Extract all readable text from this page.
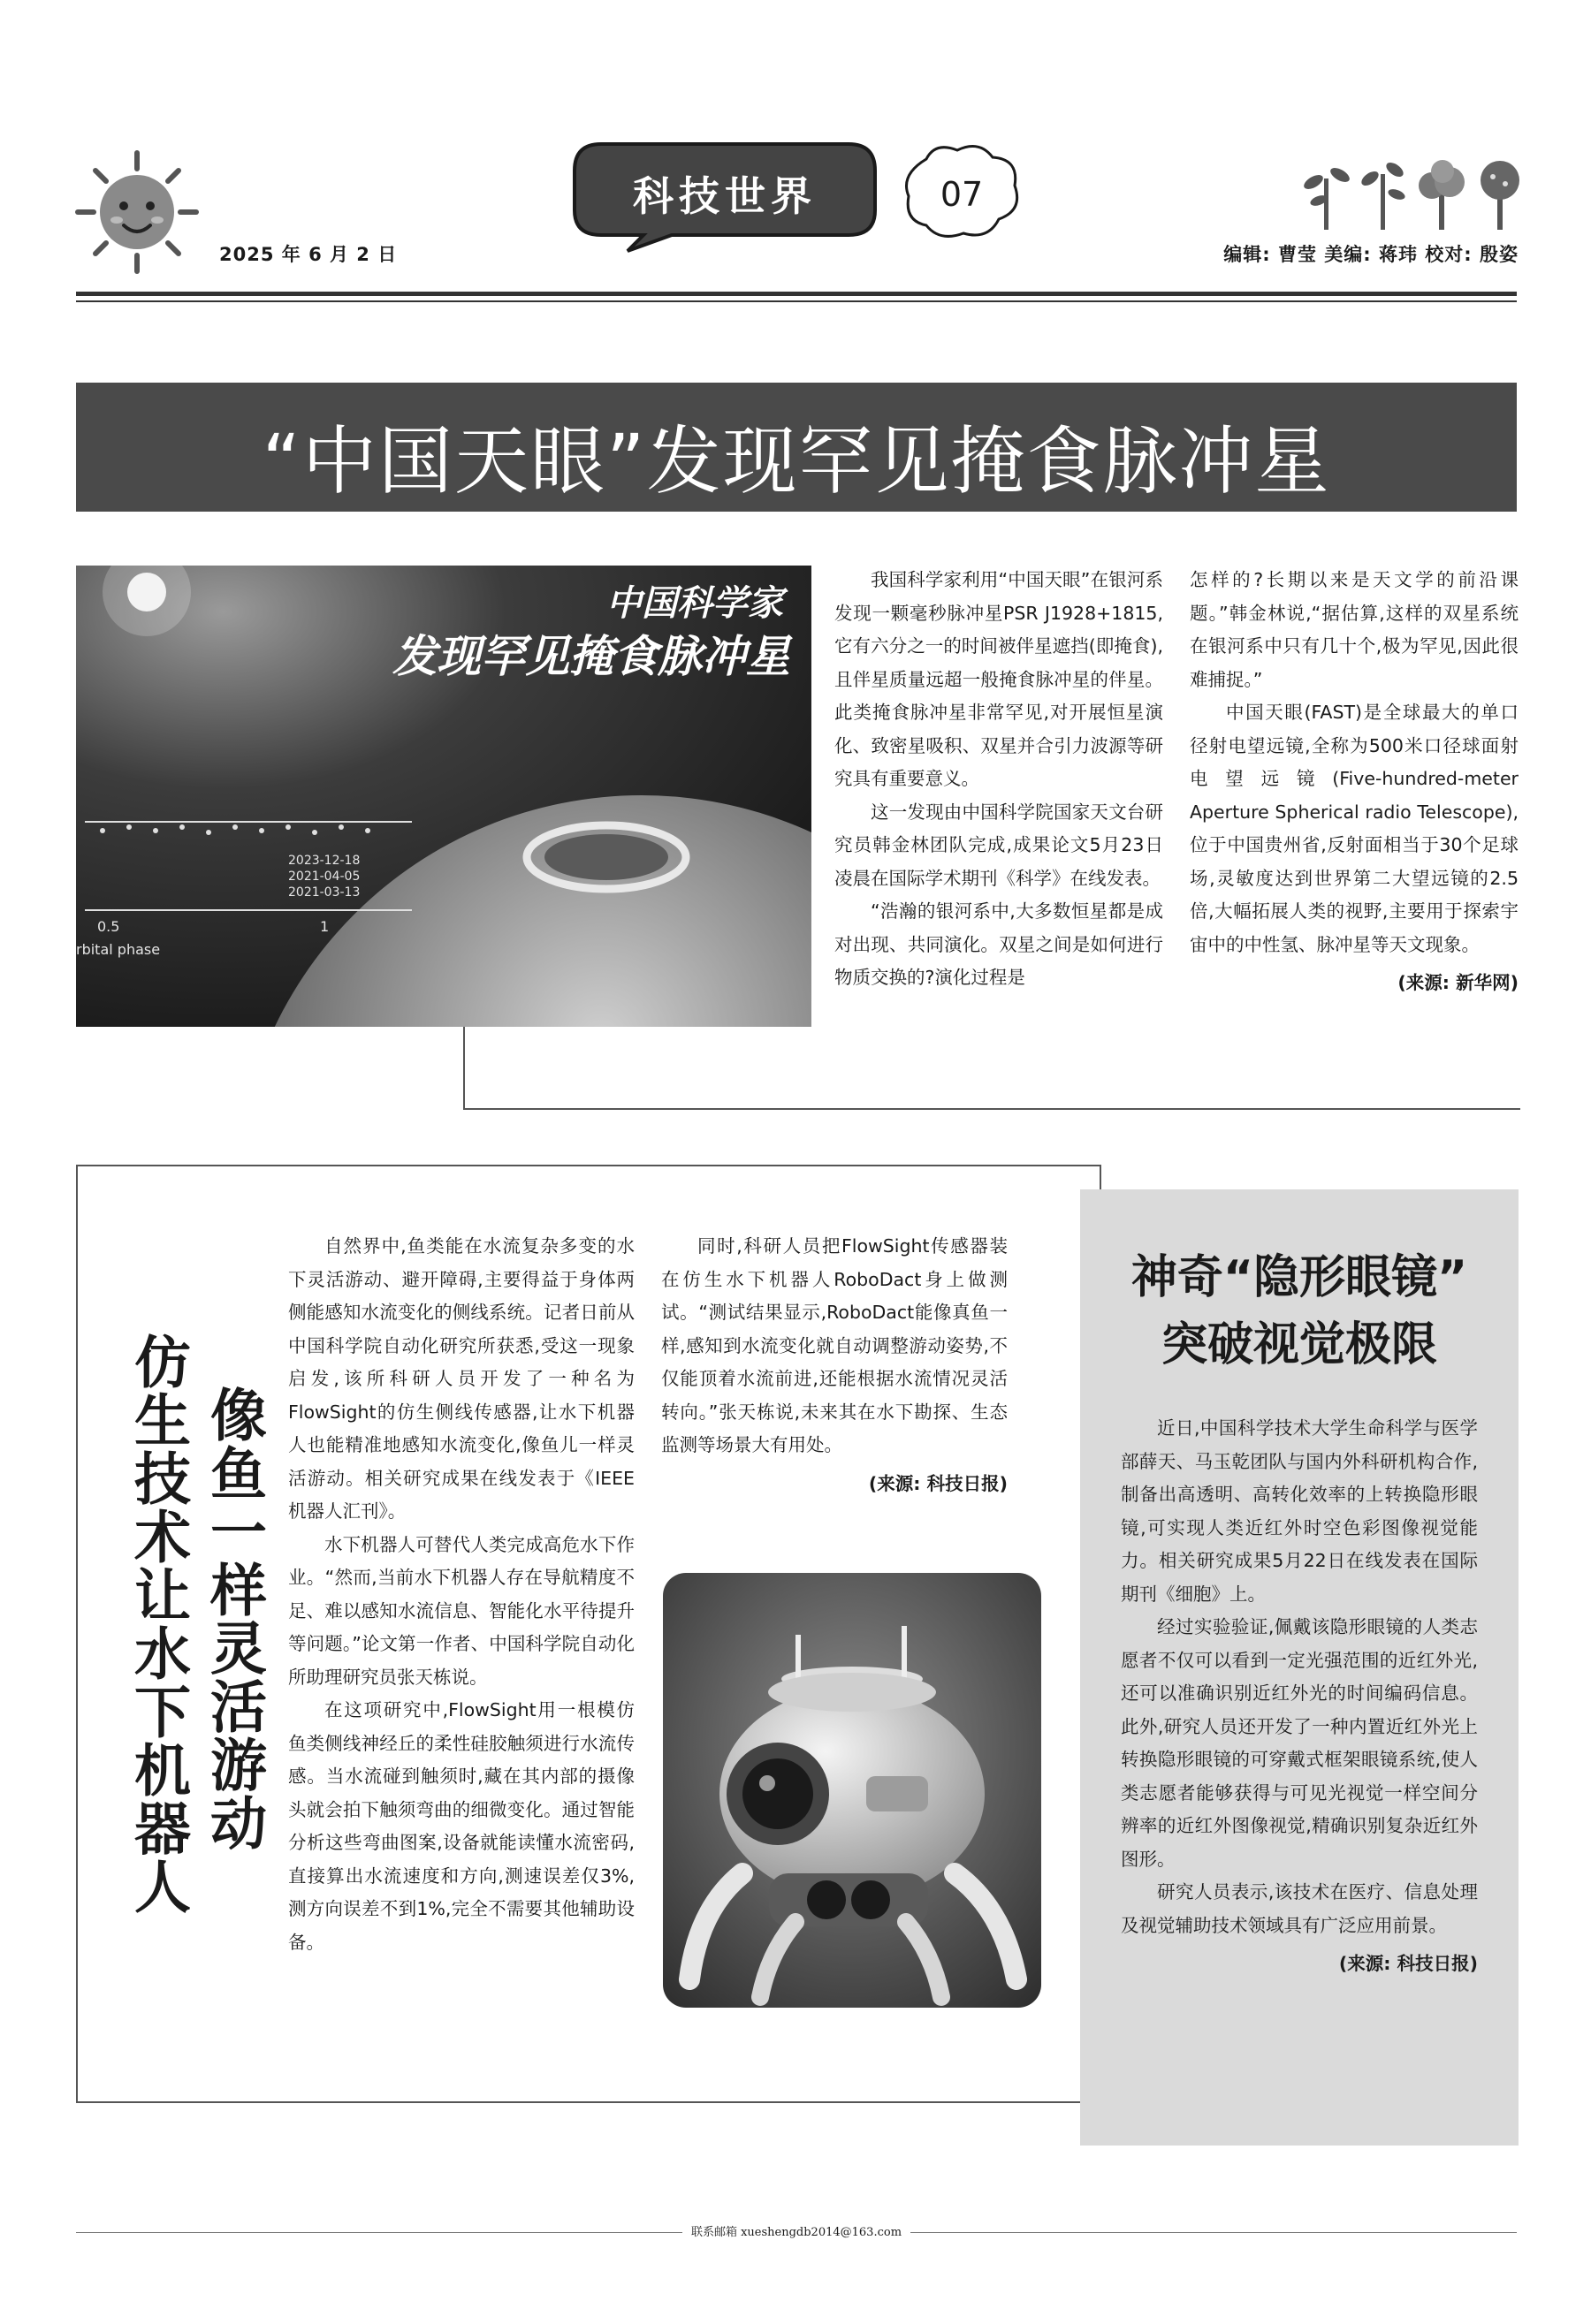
2025 年 6 月 2 日
科技世界	07
编辑: 曹莹 美编: 蒋玮 校对: 殷姿
“中国天眼”发现罕见掩食脉冲星
2023-12-18
2021-04-05
2021-03-13
0.5	1
rbital phase
中国科学家
发现罕见掩食脉冲星

我国科学家利用“中国天眼”在银河系发现一颗毫秒脉冲星PSR J1928+1815,它有六分之一的时间被伴星遮挡(即掩食),且伴星质量远超一般掩食脉冲星的伴星。此类掩食脉冲星非常罕见,对开展恒星演化、致密星吸积、双星并合引力波源等研究具有重要意义。

这一发现由中国科学院国家天文台研究员韩金林团队完成,成果论文5月23日凌晨在国际学术期刊《科学》在线发表。

“浩瀚的银河系中,大多数恒星都是成对出现、共同演化。双星之间是如何进行物质交换的?演化过程是

怎样的?长期以来是天文学的前沿课题。”韩金林说,“据估算,这样的双星系统在银河系中只有几十个,极为罕见,因此很难捕捉。”

中国天眼(FAST)是全球最大的单口径射电望远镜,全称为500米口径球面射电望远镜(Five-hundred-meter Aperture Spherical radio Telescope),位于中国贵州省,反射面相当于30个足球场,灵敏度达到世界第二大望远镜的2.5倍,大幅拓展人类的视野,主要用于探索宇宙中的中性氢、脉冲星等天文现象。

(来源: 新华网)
仿生技术让水下机器人 像鱼一样灵活游动

自然界中,鱼类能在水流复杂多变的水下灵活游动、避开障碍,主要得益于身体两侧能感知水流变化的侧线系统。记者日前从中国科学院自动化研究所获悉,受这一现象启发,该所科研人员开发了一种名为FlowSight的仿生侧线传感器,让水下机器人也能精准地感知水流变化,像鱼儿一样灵活游动。相关研究成果在线发表于《IEEE机器人汇刊》。

水下机器人可替代人类完成高危水下作业。“然而,当前水下机器人存在导航精度不足、难以感知水流信息、智能化水平待提升等问题。”论文第一作者、中国科学院自动化所助理研究员张天栋说。

在这项研究中,FlowSight用一根模仿鱼类侧线神经丘的柔性硅胶触须进行水流传感。当水流碰到触须时,藏在其内部的摄像头就会拍下触须弯曲的细微变化。通过智能分析这些弯曲图案,设备就能读懂水流密码,直接算出水流速度和方向,测速误差仅3%,测方向误差不到1%,完全不需要其他辅助设备。

同时,科研人员把FlowSight传感器装在仿生水下机器人RoboDact身上做测试。“测试结果显示,RoboDact能像真鱼一样,感知到水流变化就自动调整游动姿势,不仅能顶着水流前进,还能根据水流情况灵活转向。”张天栋说,未来其在水下勘探、生态监测等场景大有用处。

(来源: 科技日报)
神奇“隐形眼镜”
突破视觉极限

近日,中国科学技术大学生命科学与医学部薛天、马玉乾团队与国内外科研机构合作,制备出高透明、高转化效率的上转换隐形眼镜,可实现人类近红外时空色彩图像视觉能力。相关研究成果5月22日在线发表在国际期刊《细胞》上。

经过实验验证,佩戴该隐形眼镜的人类志愿者不仅可以看到一定光强范围的近红外光,还可以准确识别近红外光的时间编码信息。此外,研究人员还开发了一种内置近红外光上转换隐形眼镜的可穿戴式框架眼镜系统,使人类志愿者能够获得与可见光视觉一样空间分辨率的近红外图像视觉,精确识别复杂近红外图形。

研究人员表示,该技术在医疗、信息处理及视觉辅助技术领域具有广泛应用前景。

(来源: 科技日报)
联系邮箱 xueshengdb2014@163.com
